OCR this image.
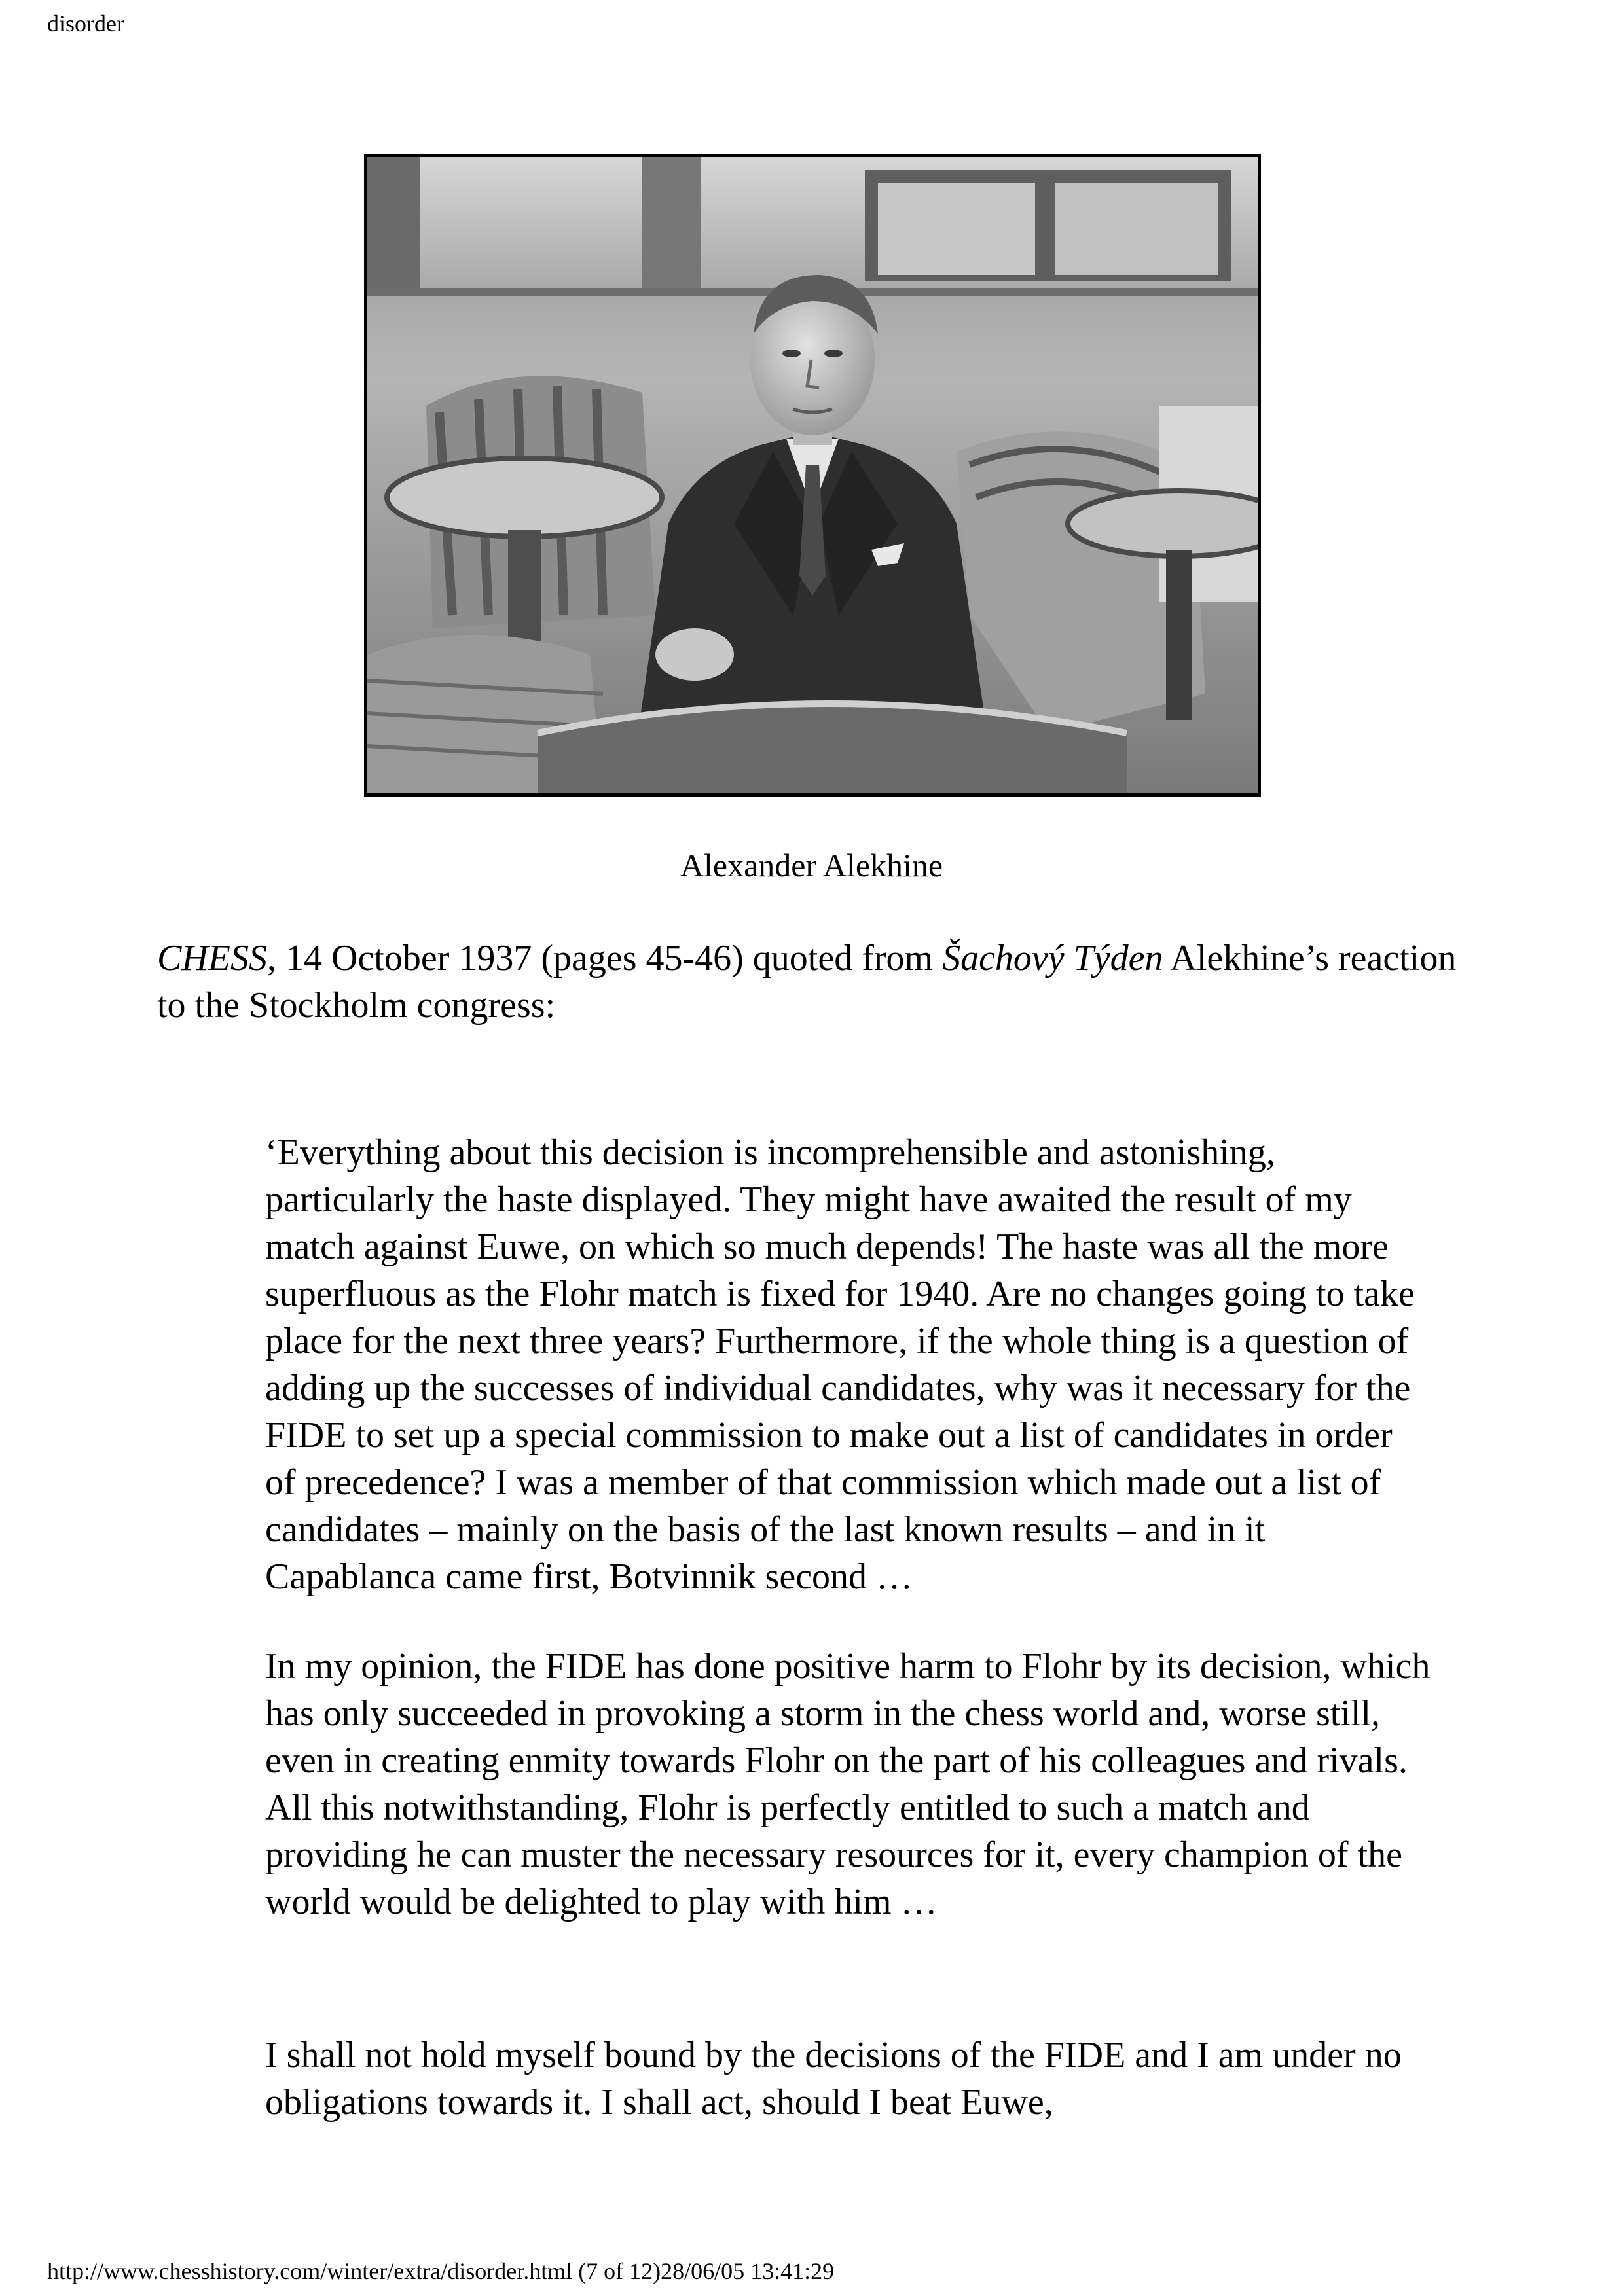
disorder
Alexander Alekhine

CHESS, 14 October 1937 (pages 45-46) quoted from Šachový Týden Alekhine’s reaction to the Stockholm congress:

‘Everything about this decision is incomprehensible and astonishing, particularly the haste displayed. They might have awaited the result of my match against Euwe, on which so much depends! The haste was all the more superfluous as the Flohr match is fixed for 1940. Are no changes going to take place for the next three years? Furthermore, if the whole thing is a question of adding up the successes of individual candidates, why was it necessary for the FIDE to set up a special commission to make out a list of candidates in order of precedence? I was a member of that commission which made out a list of candidates – mainly on the basis of the last known results – and in it Capablanca came first, Botvinnik second …

In my opinion, the FIDE has done positive harm to Flohr by its decision, which has only succeeded in provoking a storm in the chess world and, worse still, even in creating enmity towards Flohr on the part of his colleagues and rivals. All this notwithstanding, Flohr is perfectly entitled to such a match and providing he can muster the necessary resources for it, every champion of the world would be delighted to play with him …

I shall not hold myself bound by the decisions of the FIDE and I am under no obligations towards it. I shall act, should I beat Euwe,

http://www.chesshistory.com/winter/extra/disorder.html (7 of 12)28/06/05 13:41:29
